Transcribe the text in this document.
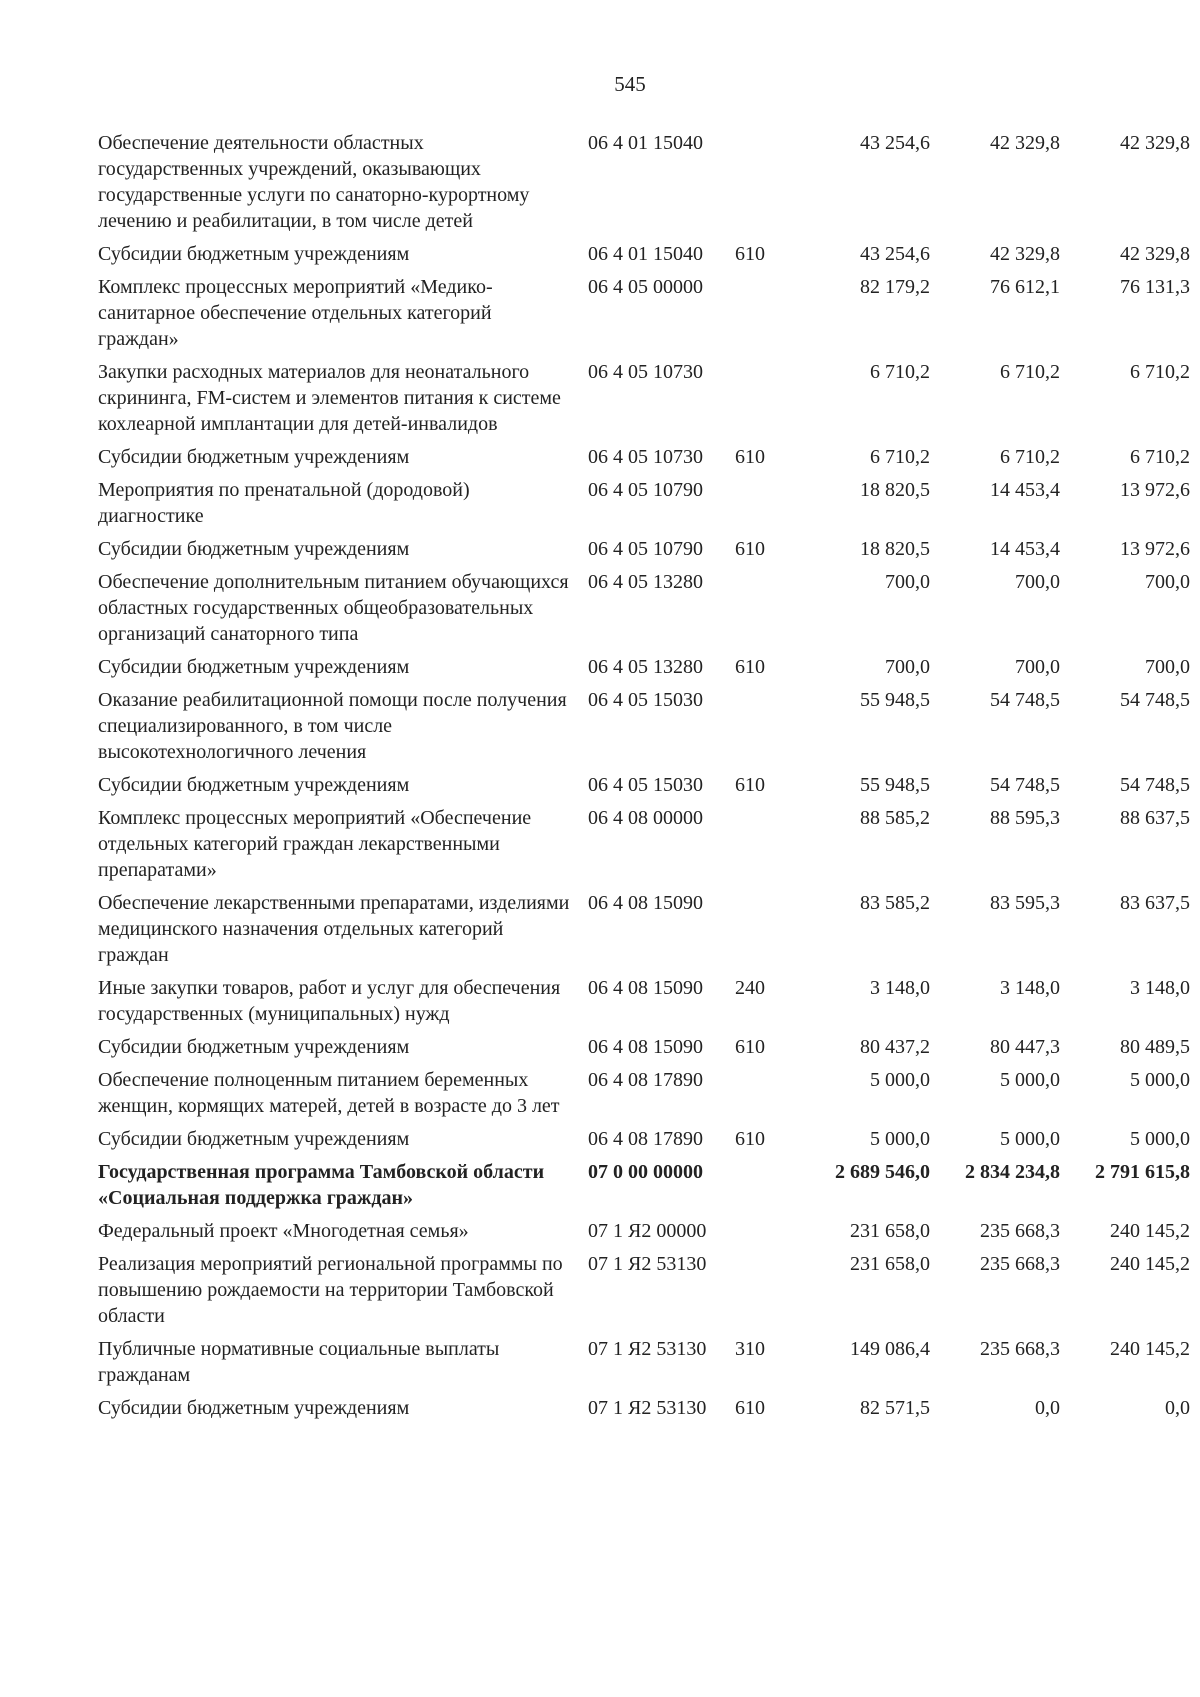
545
Обеспечение деятельности областных государственных учреждений, оказывающих государственные услуги по санаторно-курортному лечению и реабилитации, в том числе детей	06 4 01 15040		43 254,6	42 329,8	42 329,8
Субсидии бюджетным учреждениям	06 4 01 15040	610	43 254,6	42 329,8	42 329,8
Комплекс процессных мероприятий «Медико-санитарное обеспечение отдельных категорий граждан»	06 4 05 00000		82 179,2	76 612,1	76 131,3
Закупки расходных материалов для неонатального скрининга, FM-систем и элементов питания к системе кохлеарной имплантации для детей-инвалидов	06 4 05 10730		6 710,2	6 710,2	6 710,2
Субсидии бюджетным учреждениям	06 4 05 10730	610	6 710,2	6 710,2	6 710,2
Мероприятия по пренатальной (дородовой) диагностике	06 4 05 10790		18 820,5	14 453,4	13 972,6
Субсидии бюджетным учреждениям	06 4 05 10790	610	18 820,5	14 453,4	13 972,6
Обеспечение дополнительным питанием обучающихся областных государственных общеобразовательных организаций санаторного типа	06 4 05 13280		700,0	700,0	700,0
Субсидии бюджетным учреждениям	06 4 05 13280	610	700,0	700,0	700,0
Оказание реабилитационной помощи после получения специализированного, в том числе высокотехнологичного лечения	06 4 05 15030		55 948,5	54 748,5	54 748,5
Субсидии бюджетным учреждениям	06 4 05 15030	610	55 948,5	54 748,5	54 748,5
Комплекс процессных мероприятий «Обеспечение отдельных категорий граждан лекарственными препаратами»	06 4 08 00000		88 585,2	88 595,3	88 637,5
Обеспечение лекарственными препаратами, изделиями медицинского назначения отдельных категорий граждан	06 4 08 15090		83 585,2	83 595,3	83 637,5
Иные закупки товаров, работ и услуг для обеспечения государственных (муниципальных) нужд	06 4 08 15090	240	3 148,0	3 148,0	3 148,0
Субсидии бюджетным учреждениям	06 4 08 15090	610	80 437,2	80 447,3	80 489,5
Обеспечение полноценным питанием беременных женщин, кормящих матерей, детей в возрасте до 3 лет	06 4 08 17890		5 000,0	5 000,0	5 000,0
Субсидии бюджетным учреждениям	06 4 08 17890	610	5 000,0	5 000,0	5 000,0
Государственная программа Тамбовской области «Социальная поддержка граждан»	07 0 00 00000		2 689 546,0	2 834 234,8	2 791 615,8
Федеральный проект «Многодетная семья»	07 1 Я2 00000		231 658,0	235 668,3	240 145,2
Реализация мероприятий региональной программы по повышению рождаемости на территории Тамбовской области	07 1 Я2 53130		231 658,0	235 668,3	240 145,2
Публичные нормативные социальные выплаты гражданам	07 1 Я2 53130	310	149 086,4	235 668,3	240 145,2
Субсидии бюджетным учреждениям	07 1 Я2 53130	610	82 571,5	0,0	0,0
